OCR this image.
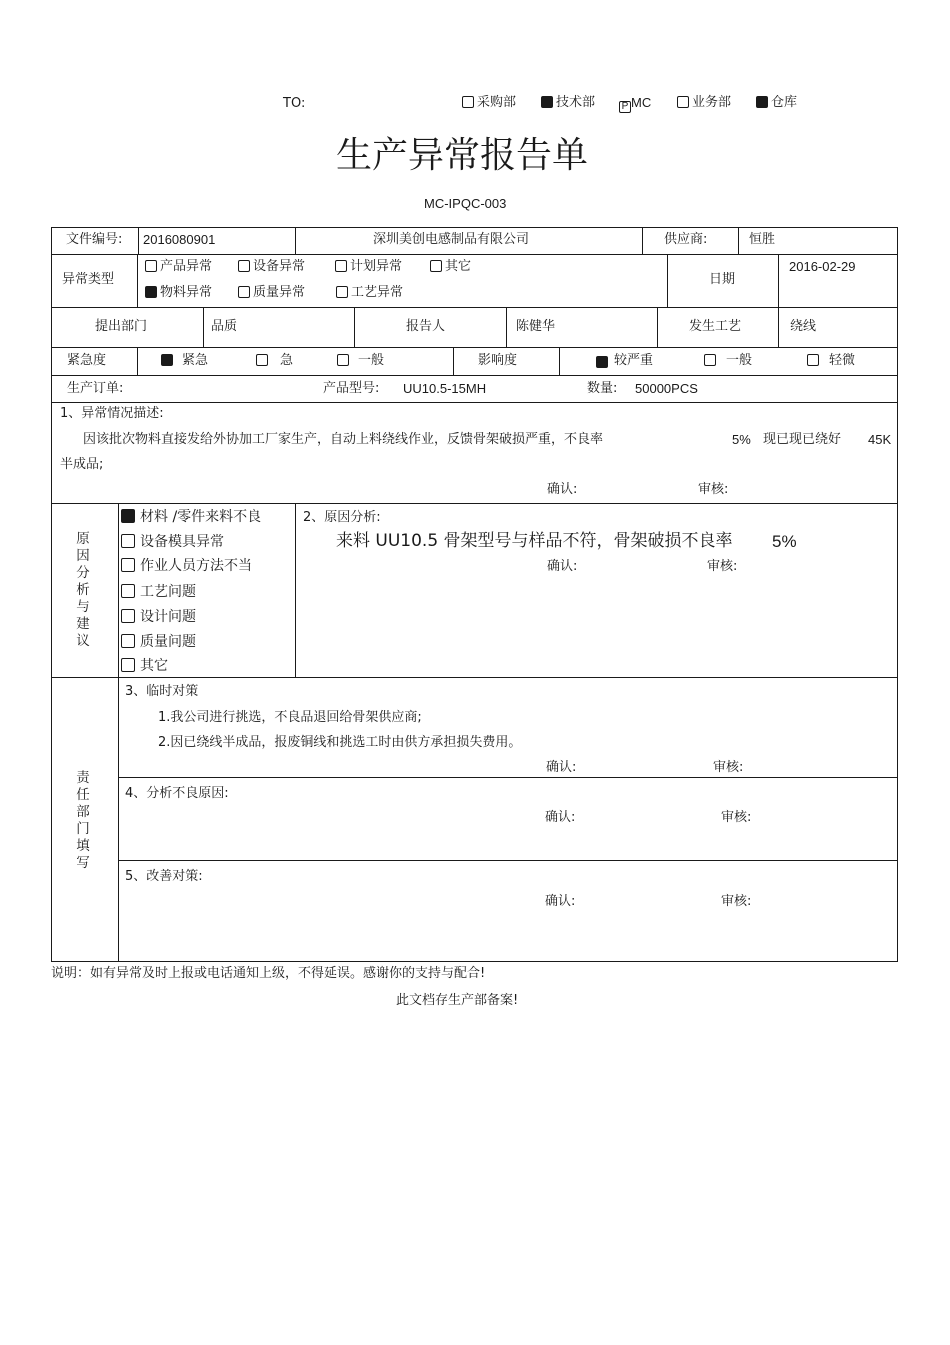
TO:	采购部	技术部	P MC	业务部	仓库
生产异常报告单
MC-IPQC-003
文件编号: 2016080901	深圳美创电感制品有限公司	供应商:	恒胜
异常类型
产品异常	设备异常	计划异常	其它
物料异常	质量异常	工艺异常
日期
2016-02-29
提出部门	品质	报告人	陈健华	发生工艺	绕线
紧急度	紧急	急	一般	影响度	较严重	一般	轻微
生产订单:	产品型号: UU10.5-15MH	数量: 50000PCS
1、异常情况描述:
因该批次物料直接发给外协加工厂家生产，自动上料绕线作业，反馈骨架破损严重，不良率	5% 现已现已绕好 45K
半成品;
确认:	审核:
原因分析与建议
材料 /零件来料不良
设备模具异常
作业人员方法不当
工艺问题
设计问题
质量问题
其它
2、原因分析:
来料 UU10.5 骨架型号与样品不符，骨架破损不良率 5%
确认:	审核:
责任部门填写
3、临时对策
1.我公司进行挑选，不良品退回给骨架供应商;
2.因已绕线半成品，报废铜线和挑选工时由供方承担损失费用。
确认:	审核:
4、分析不良原因:
确认:	审核:
5、改善对策:
确认:	审核:
说明：如有异常及时上报或电话通知上级，不得延误。感谢你的支持与配合!
此文档存生产部备案!
